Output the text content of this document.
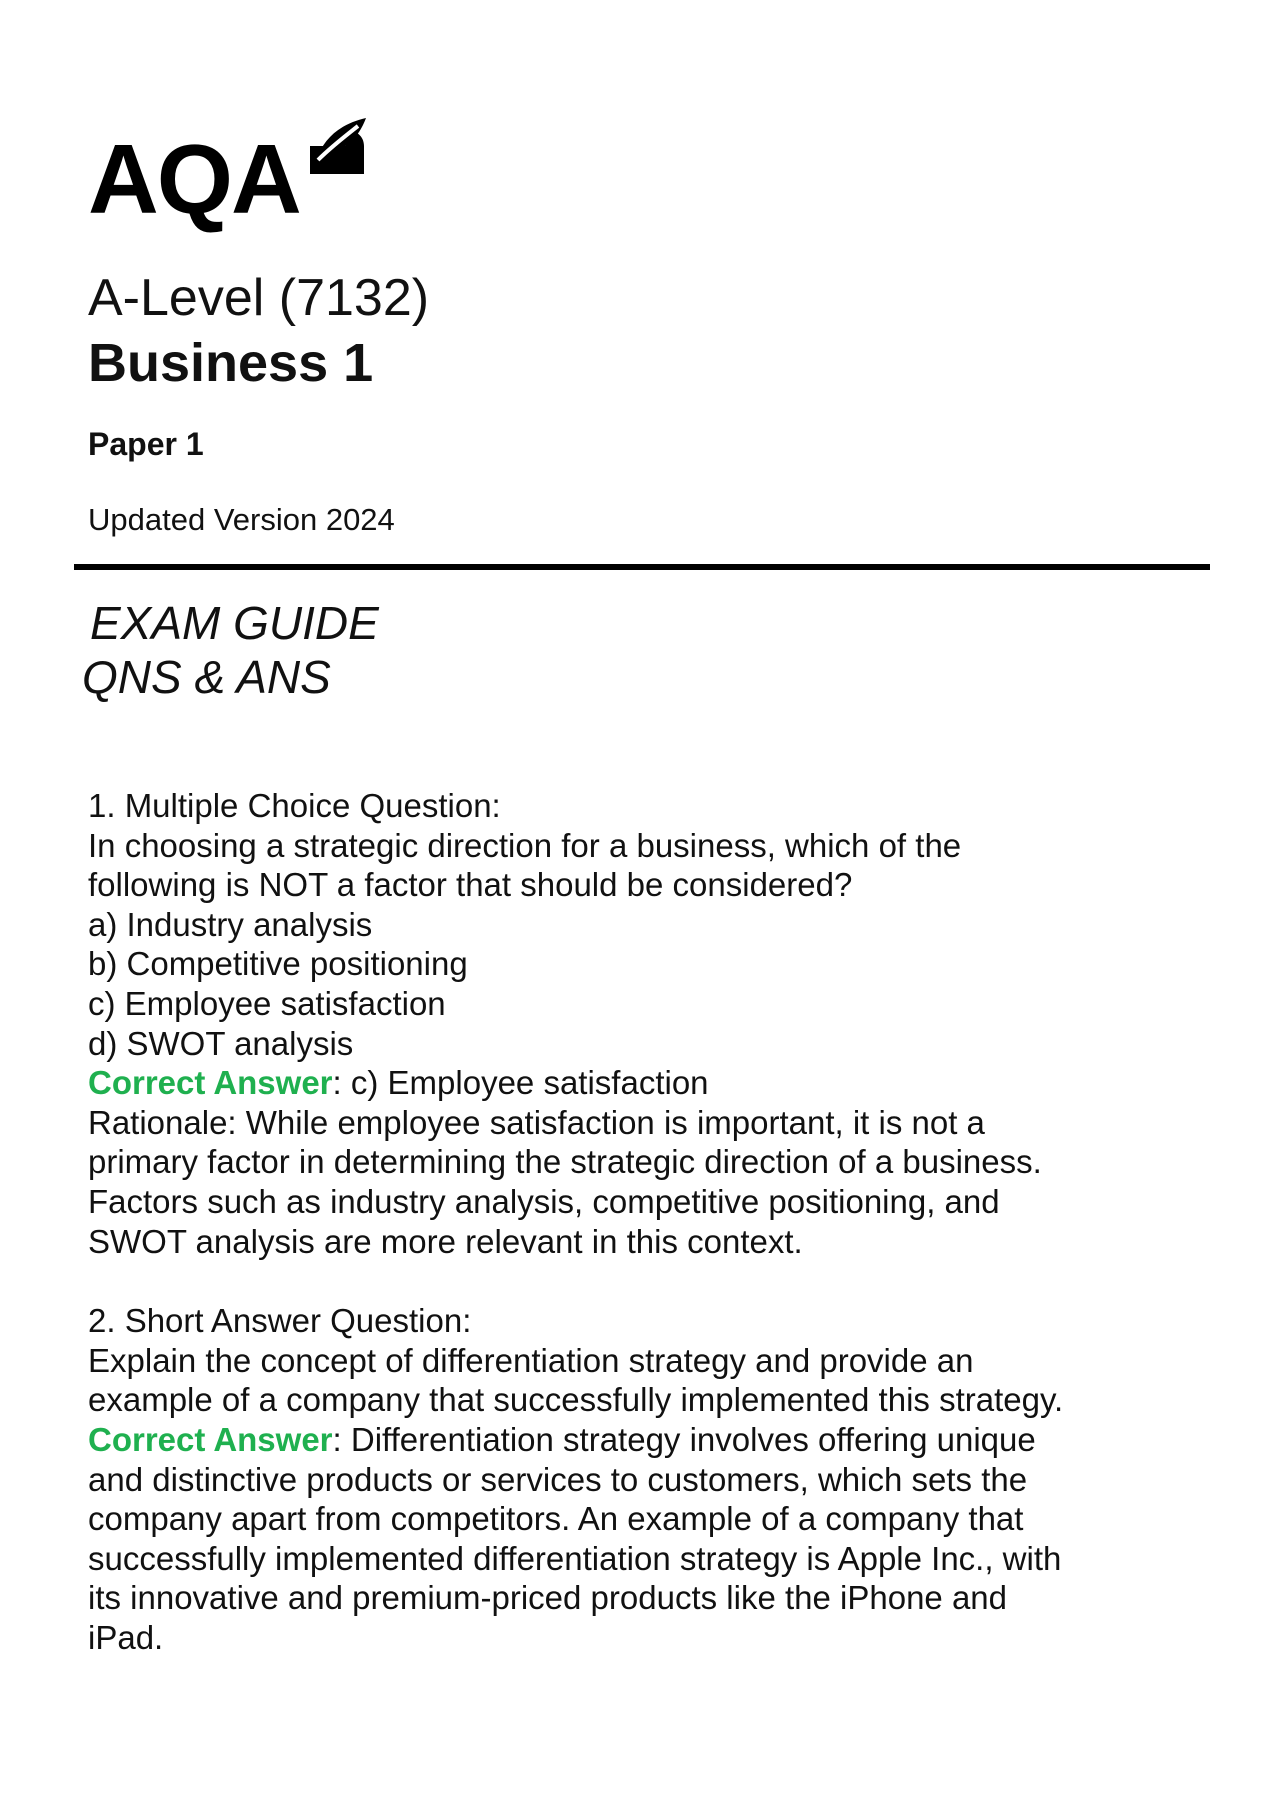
AQA
A-Level (7132)
Business 1
Paper 1
Updated Version 2024
EXAM GUIDE
QNS & ANS

1. Multiple Choice Question:

In choosing a strategic direction for a business, which of the following is NOT a factor that should be considered?

a) Industry analysis

b) Competitive positioning

c) Employee satisfaction

d) SWOT analysis

Correct Answer: c) Employee satisfaction

Rationale: While employee satisfaction is important, it is not a primary factor in determining the strategic direction of a business. Factors such as industry analysis, competitive positioning, and SWOT analysis are more relevant in this context.

2. Short Answer Question:

Explain the concept of differentiation strategy and provide an example of a company that successfully implemented this strategy.

Correct Answer: Differentiation strategy involves offering unique and distinctive products or services to customers, which sets the company apart from competitors. An example of a company that successfully implemented differentiation strategy is Apple Inc., with its innovative and premium-priced products like the iPhone and iPad.
